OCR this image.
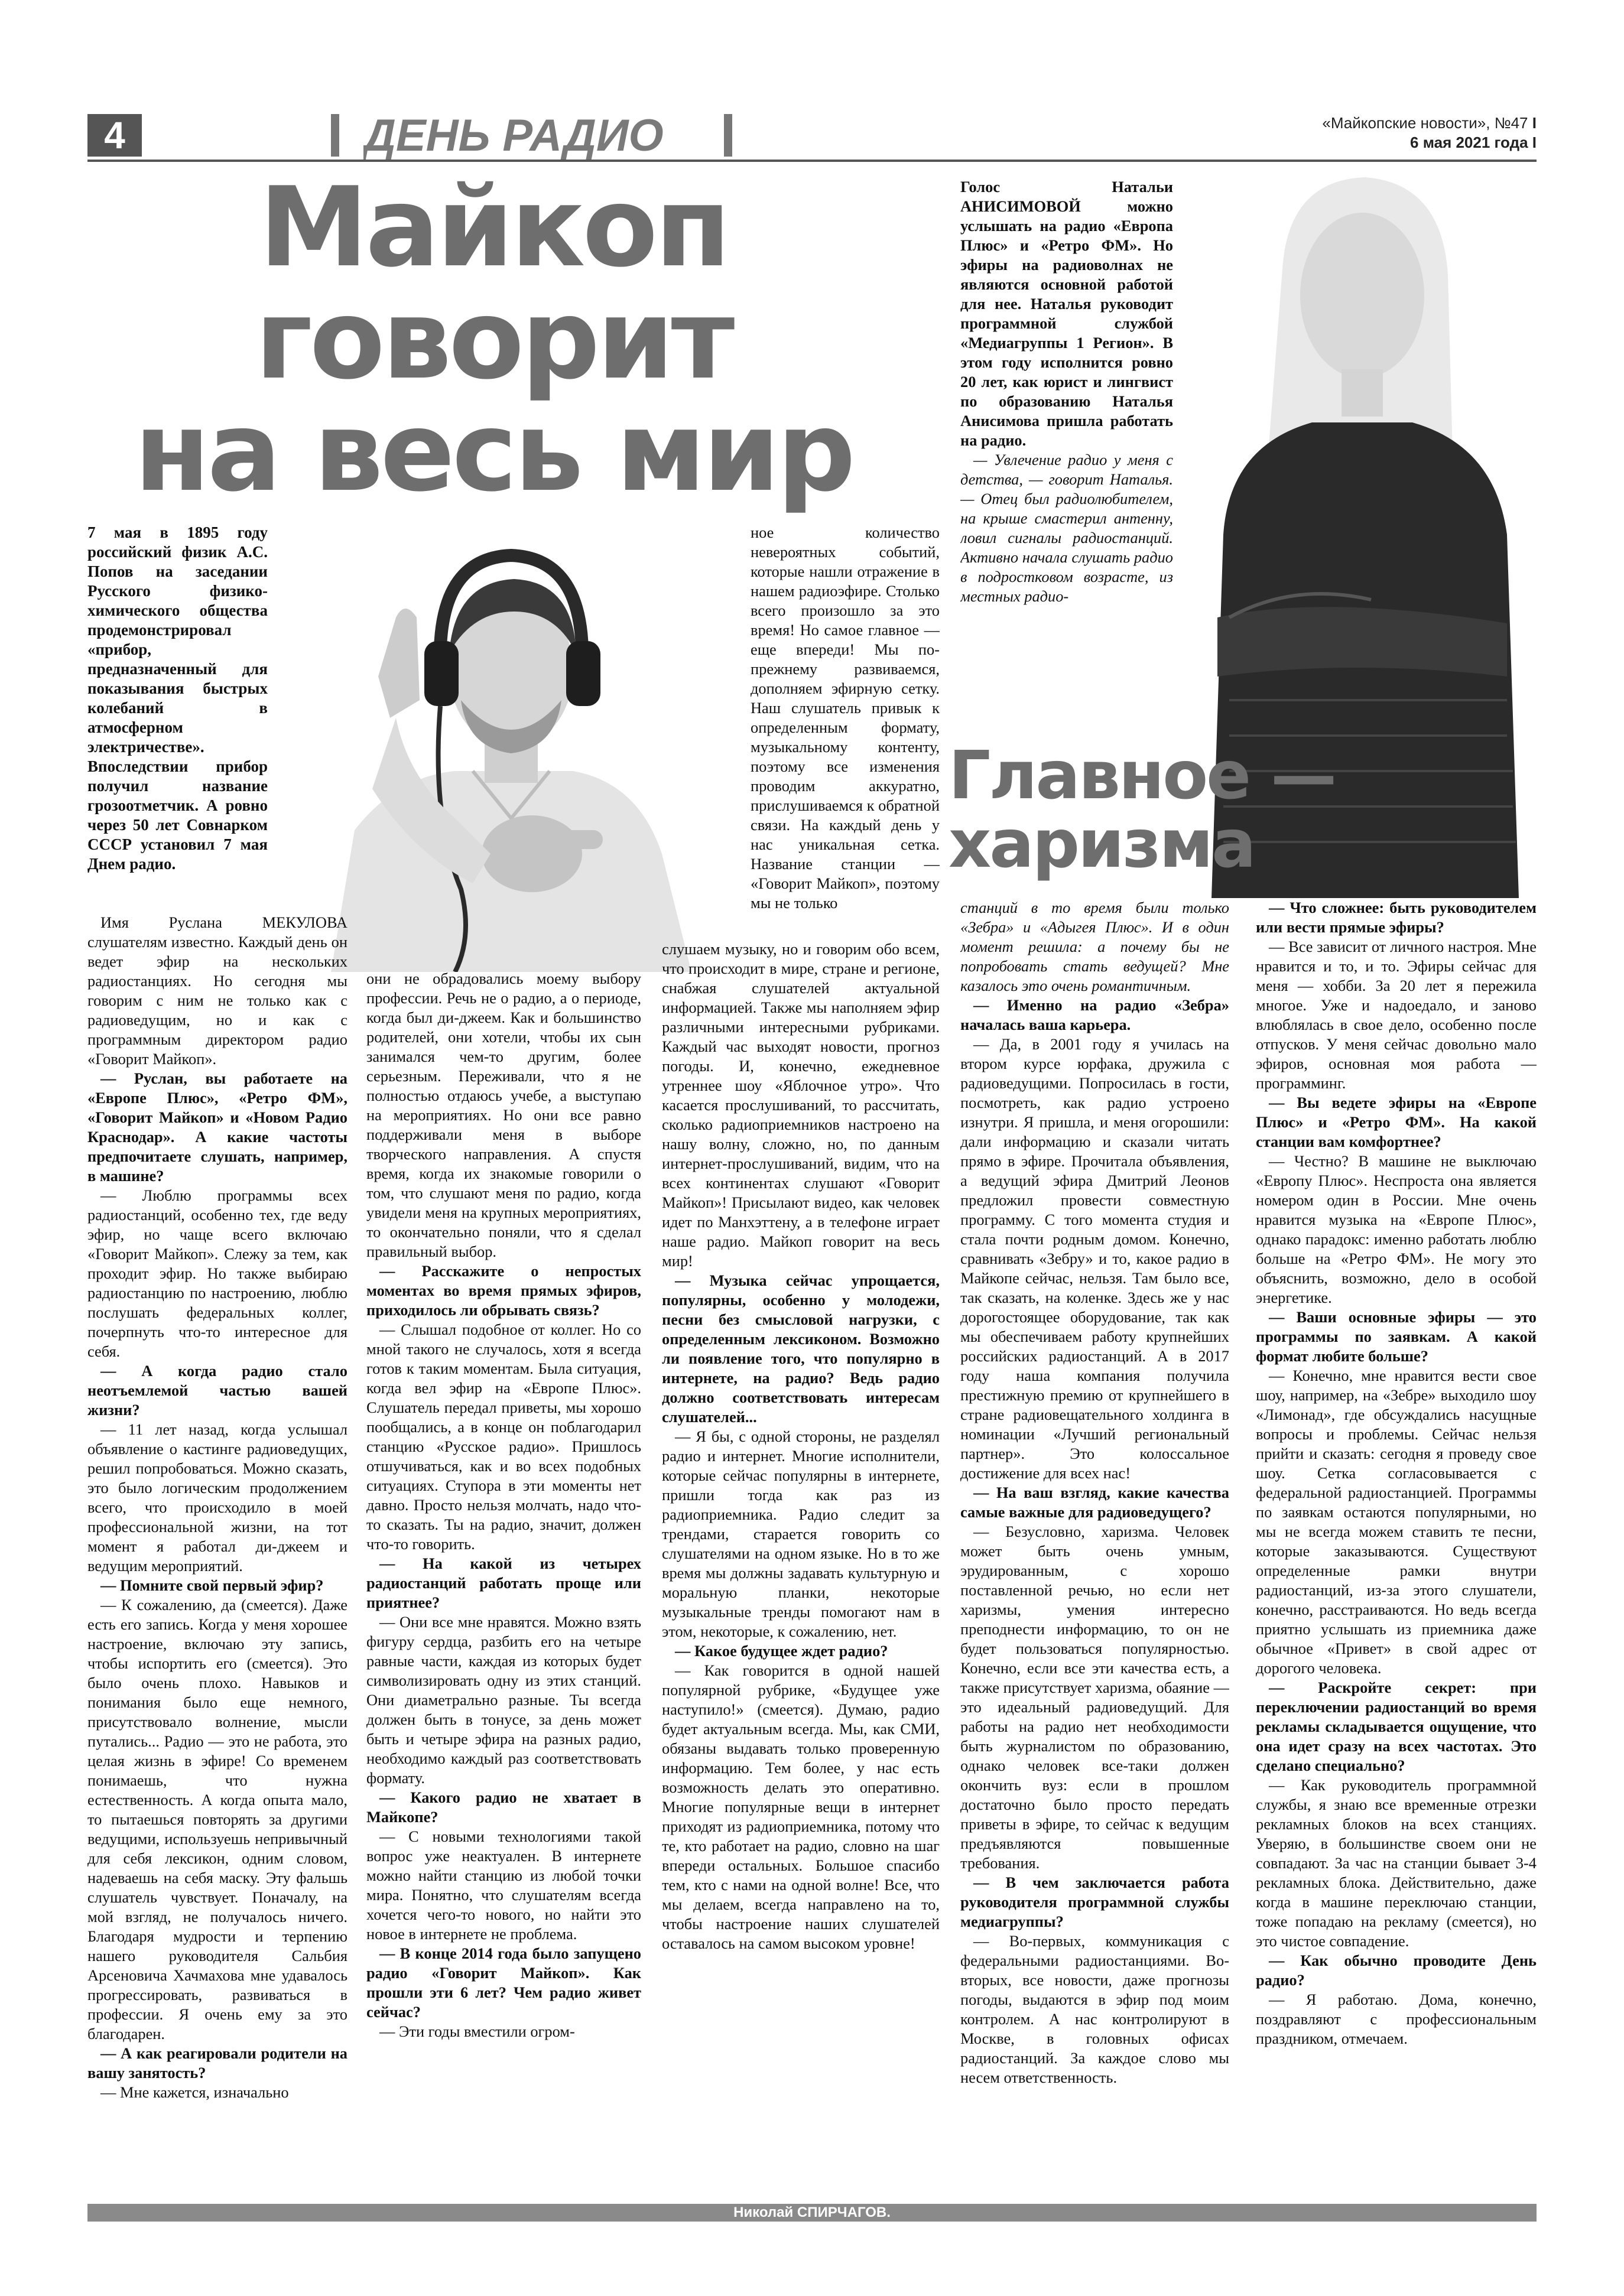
4	ДЕНЬ РАДИО	«Майкопские новости», №47 I
6 мая 2021 года I
Майкоп
говорит
на весь мир
7 мая в 1895 году российский физик А.С. Попов на заседании Русского физико-химического общества продемонстрировал «прибор, предназначенный для показывания быстрых колебаний в атмосферном электричестве». Впоследствии прибор получил название грозоотметчик. А ровно через 50 лет Совнарком СССР установил 7 мая Днем радио.

Имя Руслана МЕКУЛОВА слушателям известно. Каждый день он ведет эфир на нескольких радиостанциях. Но сегодня мы говорим с ним не только как с радиоведущим, но и как с программным директором радио «Говорит Майкоп».

— Руслан, вы работаете на «Европе Плюс», «Ретро ФМ», «Говорит Майкоп» и «Новом Радио Краснодар». А какие частоты предпочитаете слушать, например, в машине?

— Люблю программы всех радиостанций, особенно тех, где веду эфир, но чаще всего включаю «Говорит Майкоп». Слежу за тем, как проходит эфир. Но также выбираю радиостанцию по настроению, люблю послушать федеральных коллег, почерпнуть что-то интересное для себя.

— А когда радио стало неотъемлемой частью вашей жизни?

— 11 лет назад, когда услышал объявление о кастинге радиоведущих, решил попробоваться. Можно сказать, это было логическим продолжением всего, что происходило в моей профессиональной жизни, на тот момент я работал ди-джеем и ведущим мероприятий.

— Помните свой первый эфир?

— К сожалению, да (смеется). Даже есть его запись. Когда у меня хорошее настроение, включаю эту запись, чтобы испортить его (смеется). Это было очень плохо. Навыков и понимания было еще немного, присутствовало волнение, мысли путались... Радио — это не работа, это целая жизнь в эфире! Со временем понимаешь, что нужна естественность. А когда опыта мало, то пытаешься повторять за другими ведущими, используешь непривычный для себя лексикон, одним словом, надеваешь на себя маску. Эту фальшь слушатель чувствует. Поначалу, на мой взгляд, не получалось ничего. Благодаря мудрости и терпению нашего руководителя Сальбия Арсеновича Хачмахова мне удавалось прогрессировать, развиваться в профессии. Я очень ему за это благодарен.

— А как реагировали родители на вашу занятость?

— Мне кажется, изначально

они не обрадовались моему выбору профессии. Речь не о радио, а о периоде, когда был ди-джеем. Как и большинство родителей, они хотели, чтобы их сын занимался чем-то другим, более серьезным. Переживали, что я не полностью отдаюсь учебе, а выступаю на мероприятиях. Но они все равно поддерживали меня в выборе творческого направления. А спустя время, когда их знакомые говорили о том, что слушают меня по радио, когда увидели меня на крупных мероприятиях, то окончательно поняли, что я сделал правильный выбор.

— Расскажите о непростых моментах во время прямых эфиров, приходилось ли обрывать связь?

— Слышал подобное от коллег. Но со мной такого не случалось, хотя я всегда готов к таким моментам. Была ситуация, когда вел эфир на «Европе Плюс». Слушатель передал приветы, мы хорошо пообщались, а в конце он поблагодарил станцию «Русское радио». Пришлось отшучиваться, как и во всех подобных ситуациях. Ступора в эти моменты нет давно. Просто нельзя молчать, надо что-то сказать. Ты на радио, значит, должен что-то говорить.

— На какой из четырех радиостанций работать проще или приятнее?

— Они все мне нравятся. Можно взять фигуру сердца, разбить его на четыре равные части, каждая из которых будет символизировать одну из этих станций. Они диаметрально разные. Ты всегда должен быть в тонусе, за день может быть и четыре эфира на разных радио, необходимо каждый раз соответствовать формату.

— Какого радио не хватает в Майкопе?

— С новыми технологиями такой вопрос уже неактуален. В интернете можно найти станцию из любой точки мира. Понятно, что слушателям всегда хочется чего-то нового, но найти это новое в интернете не проблема.

— В конце 2014 года было запущено радио «Говорит Майкоп». Как прошли эти 6 лет? Чем радио живет сейчас?

— Эти годы вместили огром-

ное количество невероятных событий, которые нашли отражение в нашем радиоэфире. Столько всего произошло за это время! Но самое главное — еще впереди! Мы по-прежнему развиваемся, дополняем эфирную сетку. Наш слушатель привык к определенным формату, музыкальному контенту, поэтому все изменения проводим аккуратно, прислушиваемся к обратной связи. На каждый день у нас уникальная сетка. Название станции — «Говорит Майкоп», поэтому мы не только

слушаем музыку, но и говорим обо всем, что происходит в мире, стране и регионе, снабжая слушателей актуальной информацией. Также мы наполняем эфир различными интересными рубриками. Каждый час выходят новости, прогноз погоды. И, конечно, ежедневное утреннее шоу «Яблочное утро». Что касается прослушиваний, то рассчитать, сколько радиоприемников настроено на нашу волну, сложно, но, по данным интернет-прослушиваний, видим, что на всех континентах слушают «Говорит Майкоп»! Присылают видео, как человек идет по Манхэттену, а в телефоне играет наше радио. Майкоп говорит на весь мир!

— Музыка сейчас упрощается, популярны, особенно у молодежи, песни без смысловой нагрузки, с определенным лексиконом. Возможно ли появление того, что популярно в интернете, на радио? Ведь радио должно соответствовать интересам слушателей...

— Я бы, с одной стороны, не разделял радио и интернет. Многие исполнители, которые сейчас популярны в интернете, пришли тогда как раз из радиоприемника. Радио следит за трендами, старается говорить со слушателями на одном языке. Но в то же время мы должны задавать культурную и моральную планки, некоторые музыкальные тренды помогают нам в этом, некоторые, к сожалению, нет.

— Какое будущее ждет радио?

— Как говорится в одной нашей популярной рубрике, «Будущее уже наступило!» (смеется). Думаю, радио будет актуальным всегда. Мы, как СМИ, обязаны выдавать только проверенную информацию. Тем более, у нас есть возможность делать это оперативно. Многие популярные вещи в интернет приходят из радиоприемника, потому что те, кто работает на радио, словно на шаг впереди остальных. Большое спасибо тем, кто с нами на одной волне! Все, что мы делаем, всегда направлено на то, чтобы настроение наших слушателей оставалось на самом высоком уровне!

Голос Натальи АНИСИМОВОЙ можно услышать на радио «Европа Плюс» и «Ретро ФМ». Но эфиры на радиоволнах не являются основной работой для нее. Наталья руководит программной службой «Медиагруппы 1 Регион». В этом году исполнится ровно 20 лет, как юрист и лингвист по образованию Наталья Анисимова пришла работать на радио.

— Увлечение радио у меня с детства, — говорит Наталья. — Отец был радиолюбителем, на крыше смастерил антенну, ловил сигналы радиостанций. Активно начала слушать радио в подростковом возрасте, из местных радио-

Главное —
харизма

станций в то время были только «Зебра» и «Адыгея Плюс». И в один момент решила: а почему бы не попробовать стать ведущей? Мне казалось это очень романтичным.

— Именно на радио «Зебра» началась ваша карьера.

— Да, в 2001 году я училась на втором курсе юрфака, дружила с радиоведущими. Попросилась в гости, посмотреть, как радио устроено изнутри. Я пришла, и меня огорошили: дали информацию и сказали читать прямо в эфире. Прочитала объявления, а ведущий эфира Дмитрий Леонов предложил провести совместную программу. С того момента студия и стала почти родным домом. Конечно, сравнивать «Зебру» и то, какое радио в Майкопе сейчас, нельзя. Там было все, так сказать, на коленке. Здесь же у нас дорогостоящее оборудование, так как мы обеспечиваем работу крупнейших российских радиостанций. А в 2017 году наша компания получила престижную премию от крупнейшего в стране радиовещательного холдинга в номинации «Лучший региональный партнер». Это колоссальное достижение для всех нас!

— На ваш взгляд, какие качества самые важные для радиоведущего?

— Безусловно, харизма. Человек может быть очень умным, эрудированным, с хорошо поставленной речью, но если нет харизмы, умения интересно преподнести информацию, то он не будет пользоваться популярностью. Конечно, если все эти качества есть, а также присутствует харизма, обаяние — это идеальный радиоведущий. Для работы на радио нет необходимости быть журналистом по образованию, однако человек все-таки должен окончить вуз: если в прошлом достаточно было просто передать приветы в эфире, то сейчас к ведущим предъявляются повышенные требования.

— В чем заключается работа руководителя программной службы медиагруппы?

— Во-первых, коммуникация с федеральными радиостанциями. Во-вторых, все новости, даже прогнозы погоды, выдаются в эфир под моим контролем. А нас контролируют в Москве, в головных офисах радиостанций. За каждое слово мы несем ответственность.

— Что сложнее: быть руководителем или вести прямые эфиры?

— Все зависит от личного настроя. Мне нравится и то, и то. Эфиры сейчас для меня — хобби. За 20 лет я пережила многое. Уже и надоедало, и заново влюблялась в свое дело, особенно после отпусков. У меня сейчас довольно мало эфиров, основная моя работа — программинг.

— Вы ведете эфиры на «Европе Плюс» и «Ретро ФМ». На какой станции вам комфортнее?

— Честно? В машине не выключаю «Европу Плюс». Неспроста она является номером один в России. Мне очень нравится музыка на «Европе Плюс», однако парадокс: именно работать люблю больше на «Ретро ФМ». Не могу это объяснить, возможно, дело в особой энергетике.

— Ваши основные эфиры — это программы по заявкам. А какой формат любите больше?

— Конечно, мне нравится вести свое шоу, например, на «Зебре» выходило шоу «Лимонад», где обсуждались насущные вопросы и проблемы. Сейчас нельзя прийти и сказать: сегодня я проведу свое шоу. Сетка согласовывается с федеральной радиостанцией. Программы по заявкам остаются популярными, но мы не всегда можем ставить те песни, которые заказываются. Существуют определенные рамки внутри радиостанций, из-за этого слушатели, конечно, расстраиваются. Но ведь всегда приятно услышать из приемника даже обычное «Привет» в свой адрес от дорогого человека.

— Раскройте секрет: при переключении радиостанций во время рекламы складывается ощущение, что она идет сразу на всех частотах. Это сделано специально?

— Как руководитель программной службы, я знаю все временные отрезки рекламных блоков на всех станциях. Уверяю, в большинстве своем они не совпадают. За час на станции бывает 3-4 рекламных блока. Действительно, даже когда в машине переключаю станции, тоже попадаю на рекламу (смеется), но это чистое совпадение.

— Как обычно проводите День радио?

— Я работаю. Дома, конечно, поздравляют с профессиональным праздником, отмечаем.

Николай СПИРЧАГОВ.
